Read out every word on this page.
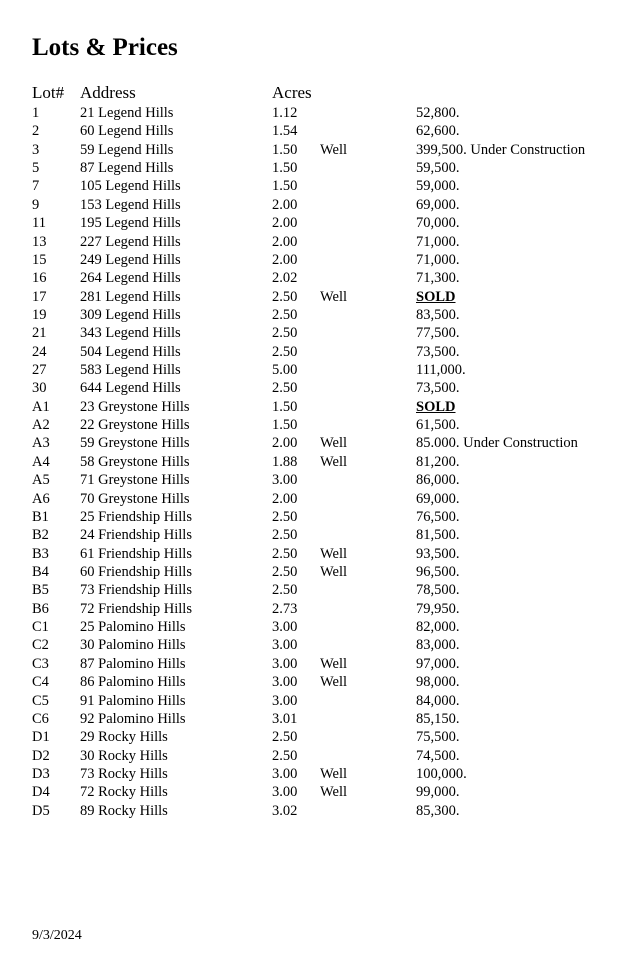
Lots & Prices
Lot# Address	Acres
1	21 Legend Hills	1.12	52,800.
2	60 Legend Hills	1.54	62,600.
3	59 Legend Hills	1.50 Well	399,500. Under Construction
5	87 Legend Hills	1.50	59,500.
7	105 Legend Hills	1.50	59,000.
9	153 Legend Hills	2.00	69,000.
11 195 Legend Hills	2.00	70,000.
13 227 Legend Hills	2.00	71,000.
15 249 Legend Hills	2.00	71,000.
16 264 Legend Hills	2.02	71,300.
17 281 Legend Hills	2.50 Well	SOLD
19 309 Legend Hills	2.50	83,500.
21 343 Legend Hills	2.50	77,500.
24 504 Legend Hills	2.50	73,500.
27 583 Legend Hills	5.00	111,000.
30 644 Legend Hills	2.50	73,500.
A1 23 Greystone Hills	1.50	SOLD
A2 22 Greystone Hills	1.50	61,500.
A3 59 Greystone Hills	2.00 Well	85.000. Under Construction
A4 58 Greystone Hills	1.88 Well	81,200.
A5 71 Greystone Hills	3.00	86,000.
A6 70 Greystone Hills	2.00	69,000.
B1 25 Friendship Hills	2.50	76,500.
B2 24 Friendship Hills	2.50	81,500.
B3 61 Friendship Hills	2.50 Well	93,500.
B4 60 Friendship Hills	2.50 Well	96,500.
B5 73 Friendship Hills	2.50	78,500.
B6 72 Friendship Hills	2.73	79,950.
C1 25 Palomino Hills	3.00	82,000.
C2 30 Palomino Hills	3.00	83,000.
C3 87 Palomino Hills	3.00 Well	97,000.
C4 86 Palomino Hills	3.00 Well	98,000.
C5 91 Palomino Hills	3.00	84,000.
C6 92 Palomino Hills	3.01	85,150.
D1 29 Rocky Hills	2.50	75,500.
D2 30 Rocky Hills	2.50	74,500.
D3 73 Rocky Hills	3.00 Well	100,000.
D4 72 Rocky Hills	3.00 Well	99,000.
D5 89 Rocky Hills	3.02	85,300.
9/3/2024
